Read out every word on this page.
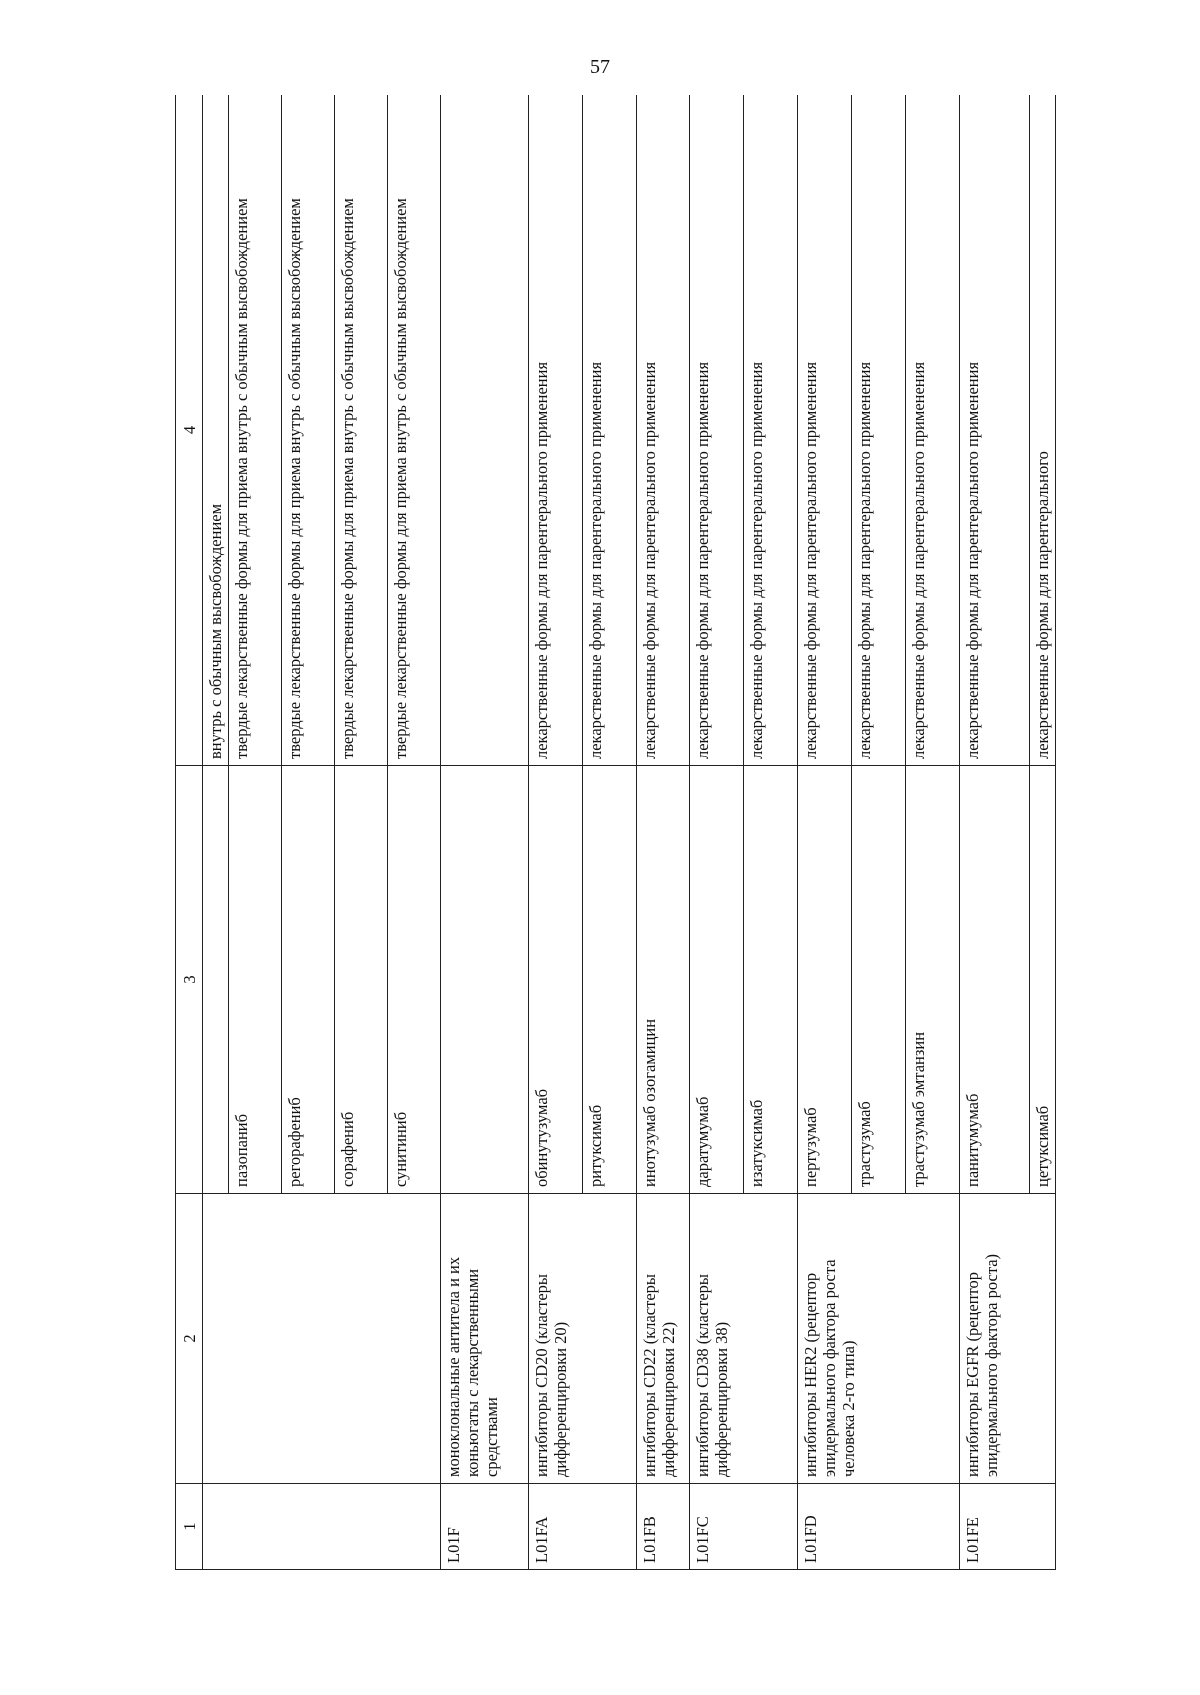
57
1	2	3	4
			внутрь с обычным высвобождением
		пазопаниб	твердые лекарственные формы для приема внутрь с обычным высвобождением
		регорафениб	твердые лекарственные формы для приема внутрь с обычным высвобождением
		сорафениб	твердые лекарственные формы для приема внутрь с обычным высвобождением
		сунитиниб	твердые лекарственные формы для приема внутрь с обычным высвобождением
L01F	моноклональные антитела и их коньюгаты с лекарственными средствами		
L01FA	ингибиторы CD20 (кластеры дифференцировки 20)	обинутузумаб	лекарственные формы для парентерального применения
		ритуксимаб	лекарственные формы для парентерального применения
L01FB	ингибиторы CD22 (кластеры дифференцировки 22)	инотузумаб озогамицин	лекарственные формы для парентерального применения
L01FC	ингибиторы CD38 (кластеры дифференцировки 38)	даратумумаб	лекарственные формы для парентерального применения
		изатуксимаб	лекарственные формы для парентерального применения
L01FD	ингибиторы HER2 (рецептор эпидермального фактора роста человека 2-го типа)	пертузумаб	лекарственные формы для парентерального применения
		трастузумаб	лекарственные формы для парентерального применения
		трастузумаб эмтанзин	лекарственные формы для парентерального применения
L01FE	ингибиторы EGFR (рецептор эпидермального фактора роста)	панитумумаб	лекарственные формы для парентерального применения
		цетуксимаб	лекарственные формы для парентерального
